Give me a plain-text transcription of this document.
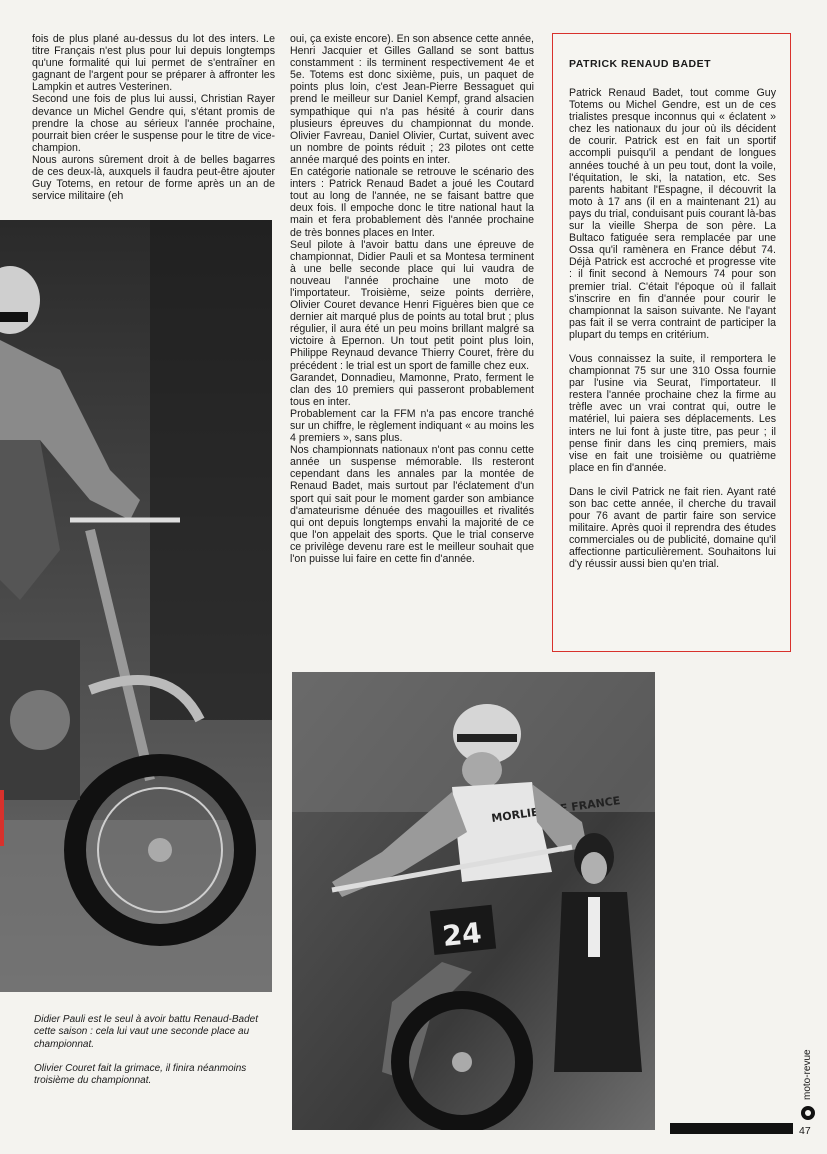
fois de plus plané au-dessus du lot des inters. Le titre Français n'est plus pour lui depuis longtemps qu'une formalité qui lui permet de s'entraîner en gagnant de l'argent pour se préparer à affronter les Lampkin et autres Vesterinen.

Second une fois de plus lui aussi, Christian Rayer devance un Michel Gendre qui, s'étant promis de prendre la chose au sérieux l'année prochaine, pourrait bien créer le suspense pour le titre de vice-champion.

Nous aurons sûrement droit à de belles bagarres de ces deux-là, auxquels il faudra peut-être ajouter Guy Totems, en retour de forme après un an de service militaire (eh

oui, ça existe encore). En son absence cette année, Henri Jacquier et Gilles Galland se sont battus constamment : ils terminent respectivement 4e et 5e. Totems est donc sixième, puis, un paquet de points plus loin, c'est Jean-Pierre Bessaguet qui prend le meilleur sur Daniel Kempf, grand alsacien sympathique qui n'a pas hésité à courir dans plusieurs épreuves du championnat du monde. Olivier Favreau, Daniel Olivier, Curtat, suivent avec un nombre de points réduit ; 23 pilotes ont cette année marqué des points en inter.

En catégorie nationale se retrouve le scénario des inters : Patrick Renaud Badet a joué les Coutard tout au long de l'année, ne se faisant battre que deux fois. Il empoche donc le titre national haut la main et fera probablement dès l'année prochaine de très bonnes places en Inter.

Seul pilote à l'avoir battu dans une épreuve de championnat, Didier Pauli et sa Montesa terminent à une belle seconde place qui lui vaudra de nouveau l'année prochaine une moto de l'importateur. Troisième, seize points derrière, Olivier Couret devance Henri Figuères bien que ce dernier ait marqué plus de points au total brut ; plus régulier, il aura été un peu moins brillant malgré sa victoire à Epernon. Un tout petit point plus loin, Philippe Reynaud devance Thierry Couret, frère du précédent : le trial est un sport de famille chez eux.

Garandet, Donnadieu, Mamonne, Prato, ferment le clan des 10 premiers qui passeront probablement tous en inter.

Probablement car la FFM n'a pas encore tranché sur un chiffre, le règlement indiquant « au moins les 4 premiers », sans plus.

Nos championnats nationaux n'ont pas connu cette année un suspense mémorable. Ils resteront cependant dans les annales par la montée de Renaud Badet, mais surtout par l'éclatement d'un sport qui sait pour le moment garder son ambiance d'amateurisme dénuée des magouilles et rivalités qui ont depuis longtemps envahi la majorité de ce que l'on appelait des sports. Que le trial conserve ce privilège devenu rare est le meilleur souhait que l'on puisse lui faire en cette fin d'année.

PATRICK RENAUD BADET

Patrick Renaud Badet, tout comme Guy Totems ou Michel Gendre, est un de ces trialistes presque inconnus qui « éclatent » chez les nationaux du jour où ils décident de courir. Patrick est en fait un sportif accompli puisqu'il a pendant de longues années touché à un peu tout, dont la voile, l'équitation, le ski, la natation, etc. Ses parents habitant l'Espagne, il découvrit la moto à 17 ans (il en a maintenant 21) au pays du trial, conduisant puis courant là-bas sur la vieille Sherpa de son père. La Bultaco fatiguée sera remplacée par une Ossa qu'il ramènera en France début 74. Déjà Patrick est accroché et progresse vite : il finit second à Nemours 74 pour son premier trial. C'était l'époque où il fallait s'inscrire en fin d'année pour courir le championnat la saison suivante. Ne l'ayant pas fait il se verra contraint de participer la plupart du temps en critérium.

Vous connaissez la suite, il remportera le championnat 75 sur une 310 Ossa fournie par l'usine via Seurat, l'importateur. Il restera l'année prochaine chez la firme au trèfle avec un vrai contrat qui, outre le matériel, lui paiera ses déplacements. Les inters ne lui font à juste titre, pas peur ; il pense finir dans les cinq premiers, mais vise en fait une troisième ou quatrième place en fin d'année.

Dans le civil Patrick ne fait rien. Ayant raté son bac cette année, il cherche du travail pour 76 avant de partir faire son service militaire. Après quoi il reprendra des études commerciales ou de publicité, domaine qu'il affectionne particulièrement. Souhaitons lui d'y réussir aussi bien qu'en trial.

MORLIEU FRANCE
24
Didier Pauli est le seul à avoir battu Renaud-Badet cette saison : cela lui vaut une seconde place au championnat.
Olivier Couret fait la grimace, il finira néanmoins troisième du championnat.	moto-revue
47
